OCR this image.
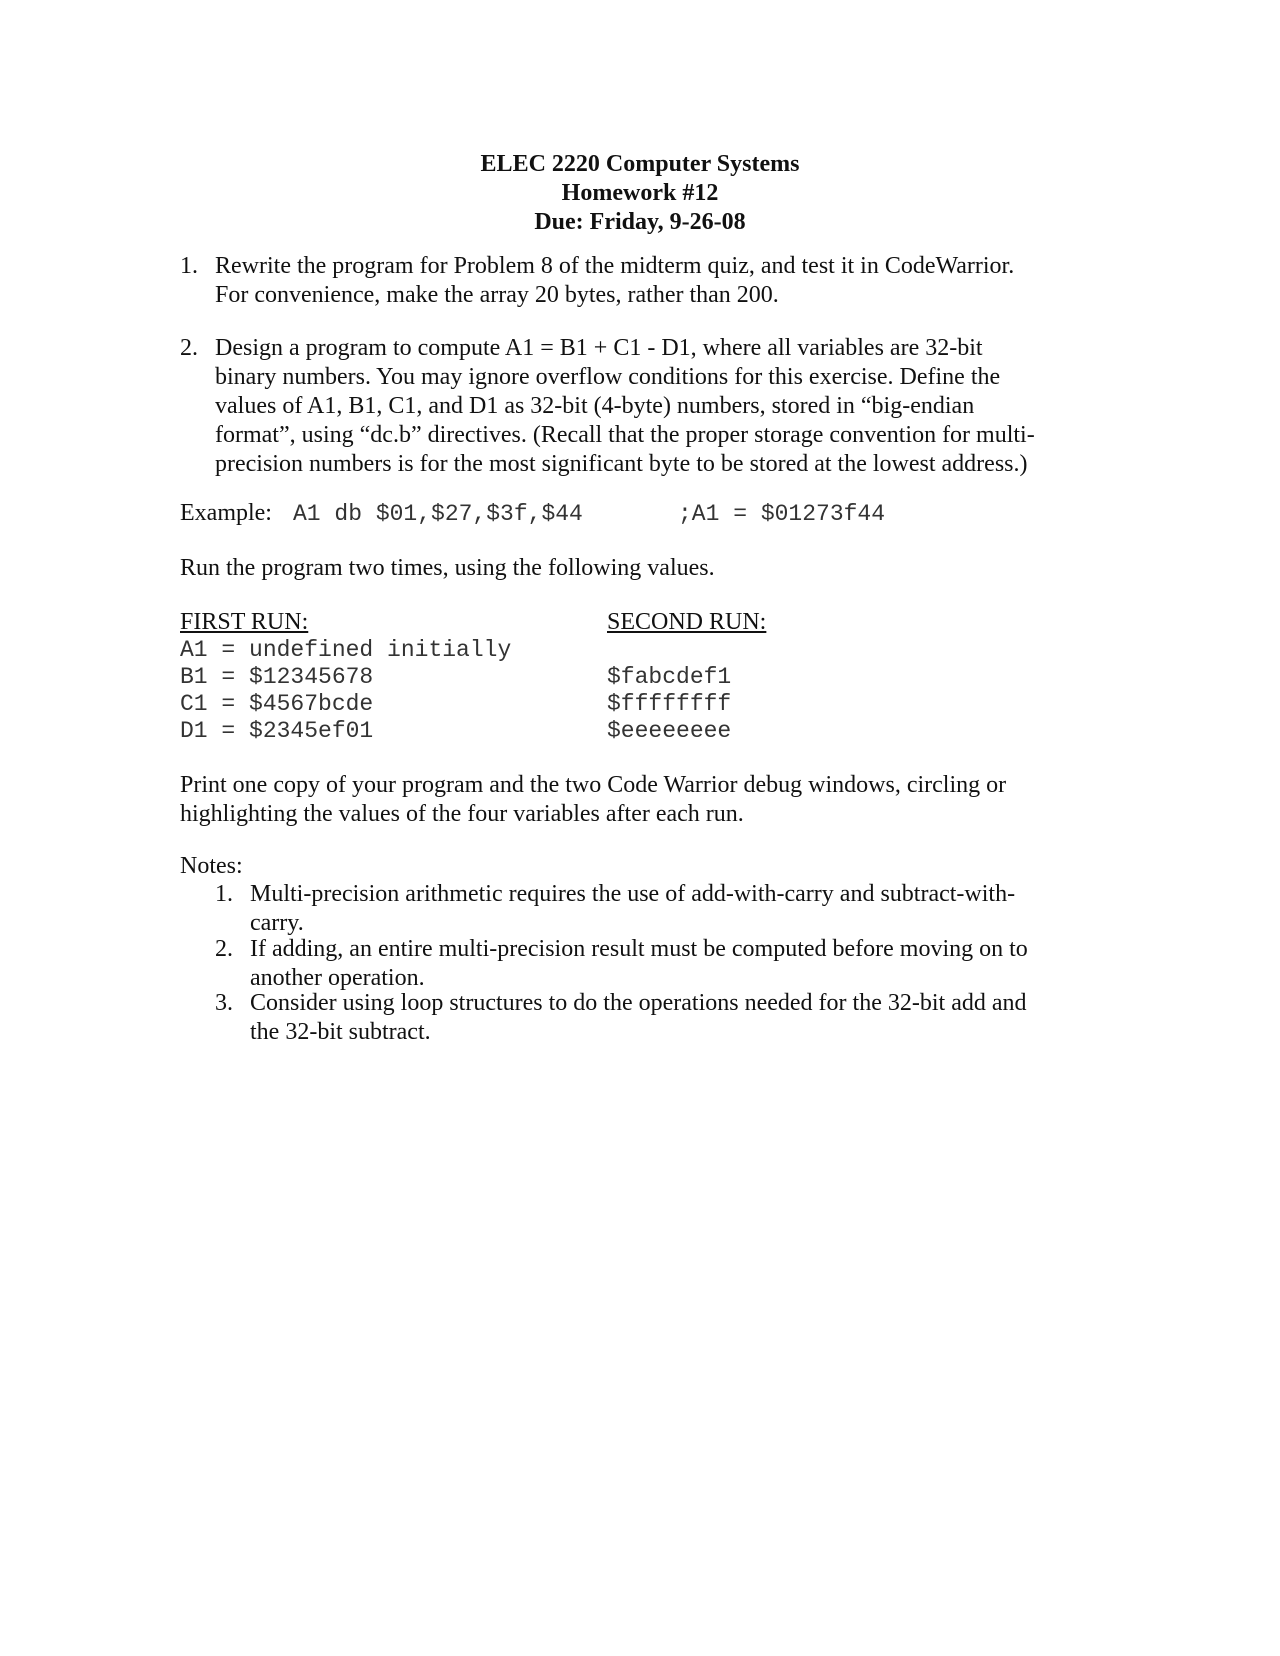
ELEC 2220 Computer Systems
Homework #12
Due: Friday, 9-26-08
1. Rewrite the program for Problem 8 of the midterm quiz, and test it in CodeWarrior.
For convenience, make the array 20 bytes, rather than 200.
2. Design a program to compute A1 = B1 + C1 - D1, where all variables are 32-bit
binary numbers. You may ignore overflow conditions for this exercise. Define the
values of A1, B1, C1, and D1 as 32-bit (4-byte) numbers, stored in “big-endian
format”, using “dc.b” directives. (Recall that the proper storage convention for multi-
precision numbers is for the most significant byte to be stored at the lowest address.)
Example: A1 db $01,$27,$3f,$44	;A1 = $01273f44
Run the program two times, using the following values.
FIRST RUN:	SECOND RUN:
A1 = undefined initially
B1 = $12345678
C1 = $4567bcde
D1 = $2345ef01
$fabcdef1
$ffffffff
$eeeeeeee
Print one copy of your program and the two Code Warrior debug windows, circling or
highlighting the values of the four variables after each run.
Notes:
1. Multi-precision arithmetic requires the use of add-with-carry and subtract-with-
carry.
2. If adding, an entire multi-precision result must be computed before moving on to
another operation.
3. Consider using loop structures to do the operations needed for the 32-bit add and
the 32-bit subtract.
